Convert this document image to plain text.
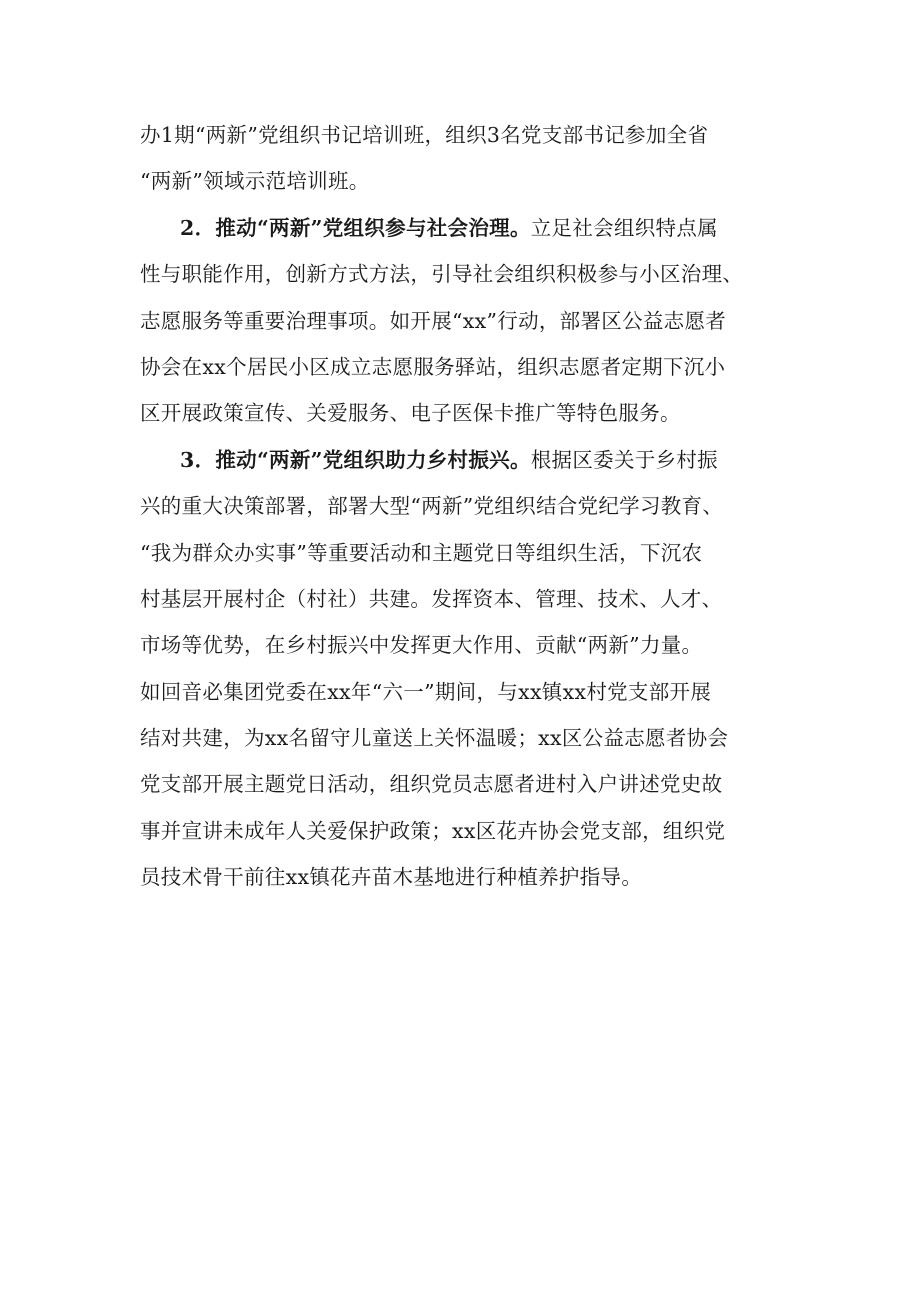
办1期“两新”党组织书记培训班，组织3名党支部书记参加全省
“两新”领域示范培训班。
2．推动“两新”党组织参与社会治理。立足社会组织特点属
性与职能作用，创新方式方法，引导社会组织积极参与小区治理、
志愿服务等重要治理事项。如开展“xx”行动，部署区公益志愿者
协会在xx个居民小区成立志愿服务驿站，组织志愿者定期下沉小
区开展政策宣传、关爱服务、电子医保卡推广等特色服务。
3．推动“两新”党组织助力乡村振兴。根据区委关于乡村振
兴的重大决策部署，部署大型“两新”党组织结合党纪学习教育、
“我为群众办实事”等重要活动和主题党日等组织生活，下沉农
村基层开展村企（村社）共建。发挥资本、管理、技术、人才、
市场等优势，在乡村振兴中发挥更大作用、贡献“两新”力量。
如回音必集团党委在xx年“六一”期间，与xx镇xx村党支部开展
结对共建，为xx名留守儿童送上关怀温暖；xx区公益志愿者协会
党支部开展主题党日活动，组织党员志愿者进村入户讲述党史故
事并宣讲未成年人关爱保护政策；xx区花卉协会党支部，组织党
员技术骨干前往xx镇花卉苗木基地进行种植养护指导。
